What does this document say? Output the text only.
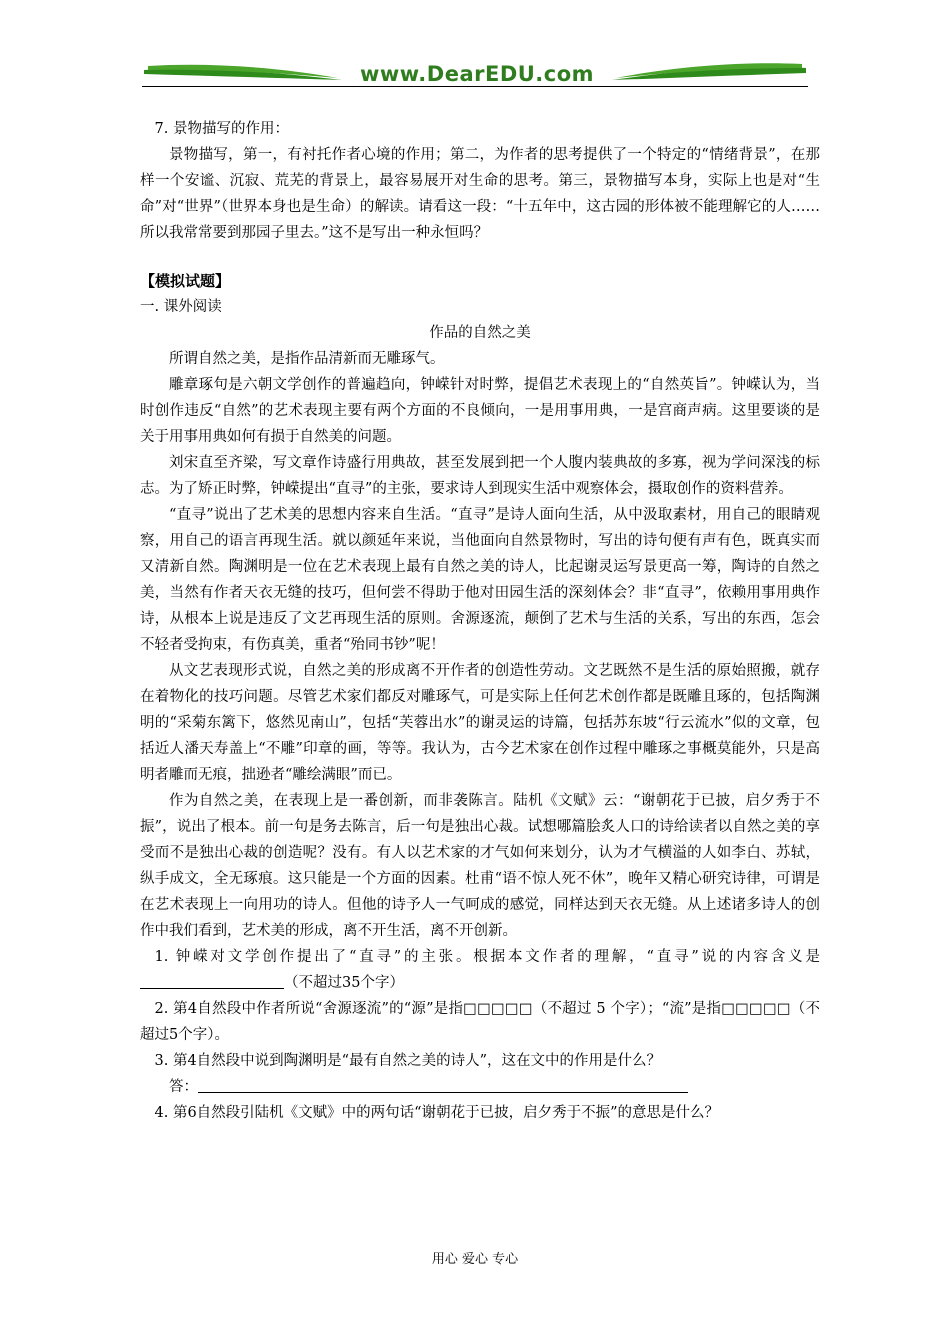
www.DearEDU.com

7. 景物描写的作用：

景物描写，第一，有衬托作者心境的作用；第二，为作者的思考提供了一个特定的“情绪背景”，在那样一个安谧、沉寂、荒芜的背景上，最容易展开对生命的思考。第三，景物描写本身，实际上也是对“生命”对“世界”（世界本身也是生命）的解读。请看这一段：“十五年中，这古园的形体被不能理解它的人……所以我常常要到那园子里去。”这不是写出一种永恒吗？

【模拟试题】

一. 课外阅读

作品的自然之美

所谓自然之美，是指作品清新而无雕琢气。

雕章琢句是六朝文学创作的普遍趋向，钟嵘针对时弊，提倡艺术表现上的“自然英旨”。钟嵘认为，当时创作违反“自然”的艺术表现主要有两个方面的不良倾向，一是用事用典，一是宫商声病。这里要谈的是关于用事用典如何有损于自然美的问题。

刘宋直至齐梁，写文章作诗盛行用典故，甚至发展到把一个人腹内装典故的多寡，视为学问深浅的标志。为了矫正时弊，钟嵘提出“直寻”的主张，要求诗人到现实生活中观察体会，摄取创作的资料营养。

“直寻”说出了艺术美的思想内容来自生活。“直寻”是诗人面向生活，从中汲取素材，用自己的眼睛观察，用自己的语言再现生活。就以颜延年来说，当他面向自然景物时，写出的诗句便有声有色，既真实而又清新自然。陶渊明是一位在艺术表现上最有自然之美的诗人，比起谢灵运写景更高一筹，陶诗的自然之美，当然有作者天衣无缝的技巧，但何尝不得助于他对田园生活的深刻体会？非“直寻”，依赖用事用典作诗，从根本上说是违反了文艺再现生活的原则。舍源逐流，颠倒了艺术与生活的关系，写出的东西，怎会不轻者受拘束，有伤真美，重者“殆同书钞”呢！

从文艺表现形式说，自然之美的形成离不开作者的创造性劳动。文艺既然不是生活的原始照搬，就存在着物化的技巧问题。尽管艺术家们都反对雕琢气，可是实际上任何艺术创作都是既雕且琢的，包括陶渊明的“采菊东篱下，悠然见南山”，包括“芙蓉出水”的谢灵运的诗篇，包括苏东坡“行云流水”似的文章，包括近人潘天寿盖上“不雕”印章的画，等等。我认为，古今艺术家在创作过程中雕琢之事概莫能外，只是高明者雕而无痕，拙逊者“雕绘满眼”而已。

作为自然之美，在表现上是一番创新，而非袭陈言。陆机《文赋》云：“谢朝花于已披，启夕秀于不振”，说出了根本。前一句是务去陈言，后一句是独出心裁。试想哪篇脍炙人口的诗给读者以自然之美的享受而不是独出心裁的创造呢？没有。有人以艺术家的才气如何来划分，认为才气横溢的人如李白、苏轼，纵手成文，全无琢痕。这只能是一个方面的因素。杜甫“语不惊人死不休”，晚年又精心研究诗律，可谓是在艺术表现上一向用功的诗人。但他的诗予人一气呵成的感觉，同样达到天衣无缝。从上述诸多诗人的创作中我们看到，艺术美的形成，离不开生活，离不开创新。

1. 钟嵘对文学创作提出了“直寻”的主张。根据本文作者的理解，“直寻”说的内容含义是（不超过35个字）

2. 第4自然段中作者所说“舍源逐流”的“源”是指□□□□□（不超过 5 个字）；“流”是指□□□□□（不超过5个字）。

3. 第4自然段中说到陶渊明是“最有自然之美的诗人”，这在文中的作用是什么？

答：

4. 第6自然段引陆机《文赋》中的两句话“谢朝花于已披，启夕秀于不振”的意思是什么？

用心 爱心 专心
